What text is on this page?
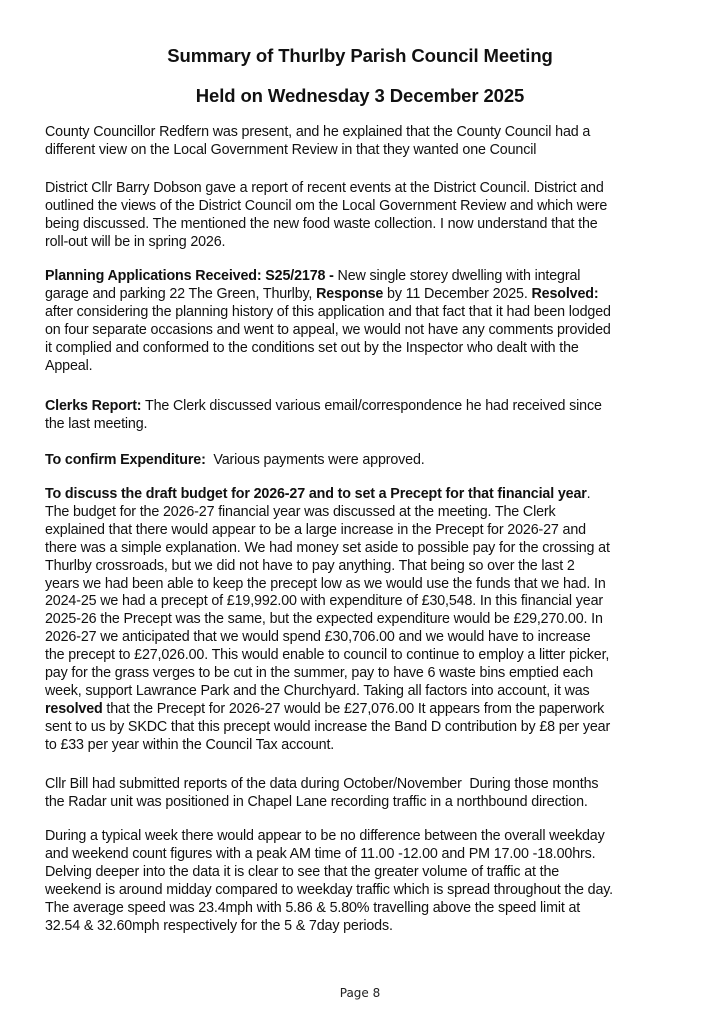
Summary of Thurlby Parish Council Meeting
Held on Wednesday 3 December 2025

County Councillor Redfern was present, and he explained that the County Council had a
different view on the Local Government Review in that they wanted one Council

District Cllr Barry Dobson gave a report of recent events at the District Council. District and
outlined the views of the District Council om the Local Government Review and which were
being discussed. The mentioned the new food waste collection. I now understand that the
roll-out will be in spring 2026.

Planning Applications Received: S25/2178 - New single storey dwelling with integral
garage and parking 22 The Green, Thurlby, Response by 11 December 2025. Resolved:
after considering the planning history of this application and that fact that it had been lodged
on four separate occasions and went to appeal, we would not have any comments provided
it complied and conformed to the conditions set out by the Inspector who dealt with the
Appeal.

Clerks Report: The Clerk discussed various email/correspondence he had received since
the last meeting.

To confirm Expenditure:  Various payments were approved.

To discuss the draft budget for 2026-27 and to set a Precept for that financial year.
The budget for the 2026-27 financial year was discussed at the meeting. The Clerk
explained that there would appear to be a large increase in the Precept for 2026-27 and
there was a simple explanation. We had money set aside to possible pay for the crossing at
Thurlby crossroads, but we did not have to pay anything. That being so over the last 2
years we had been able to keep the precept low as we would use the funds that we had. In
2024-25 we had a precept of £19,992.00 with expenditure of £30,548. In this financial year
2025-26 the Precept was the same, but the expected expenditure would be £29,270.00. In
2026-27 we anticipated that we would spend £30,706.00 and we would have to increase
the precept to £27,026.00. This would enable to council to continue to employ a litter picker,
pay for the grass verges to be cut in the summer, pay to have 6 waste bins emptied each
week, support Lawrance Park and the Churchyard. Taking all factors into account, it was
resolved that the Precept for 2026-27 would be £27,076.00 It appears from the paperwork
sent to us by SKDC that this precept would increase the Band D contribution by £8 per year
to £33 per year within the Council Tax account.

Cllr Bill had submitted reports of the data during October/November  During those months
the Radar unit was positioned in Chapel Lane recording traffic in a northbound direction.

During a typical week there would appear to be no difference between the overall weekday
and weekend count figures with a peak AM time of 11.00 -12.00 and PM 17.00 -18.00hrs.
Delving deeper into the data it is clear to see that the greater volume of traffic at the
weekend is around midday compared to weekday traffic which is spread throughout the day.
The average speed was 23.4mph with 5.86 & 5.80% travelling above the speed limit at
32.54 & 32.60mph respectively for the 5 & 7day periods.

Page 8
